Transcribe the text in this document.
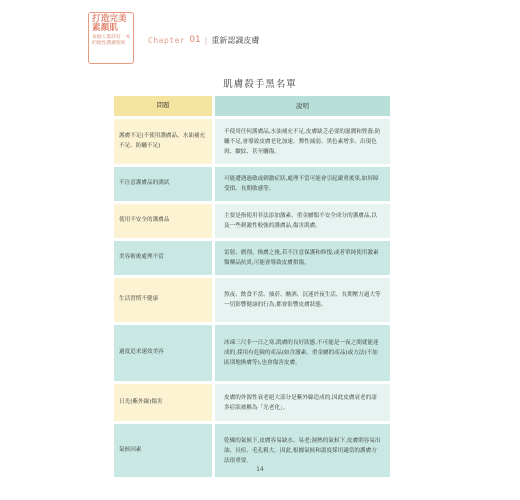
打造完美素顏肌
每個人都該有一本的理性護膚聖經	Chapter 01 | 重新認識皮膚
肌膚殺手黑名單
問題	說明
護膚不足(不使用護膚品、水油補充不足、防曬不足)
不使用任何護膚品,水油補充不足,皮膚缺乏必要的滋潤和營養;防曬不足,會導致皮膚老化加速、彈性減弱、黑色素增多、出現色斑、皺紋、甚至曬傷。
不注意護膚品的測試
可能遭遇過敏或刺激症狀,處理不當可能會引起嚴重後果,如屏障受損、長期敏感等。
使用不安全的護膚品
主要是指使用非法添加激素、重金屬類不安全成分的護膚品,以及一些刺激性較強的護膚品,傷害肌膚。
美容術後處理不當
雷射、磨削、換膚之後,若不注意保護和修復,或者單純使用激素類藥品抗炎,可能會導致皮膚損傷。
生活習慣不健康
熬夜、飲食不當、抽菸、酗酒、沉迷於夜生活、長期壓力過大等一切影響健康的行為,都會影響皮膚狀態。
過度追求速效美容
冰凍三尺非一日之寒,肌膚的良好狀態,不可能是一夜之間就能達成的,採用有危險的產品(如含激素、重金屬的產品)或方法(不加區別地換膚等),也會傷害皮膚。
日光(紫外線)傷害
皮膚的外源性衰老絕大部分是紫外線造成的,因此皮膚衰老的諸多症狀被稱為「光老化」。
氣候因素
乾燥的氣候下,皮膚容易缺水、易老;濕熱的氣候下,皮膚則容易出油、長痘、毛孔粗大。因此,根據氣候和溫度採用適當的護膚方法很重要。
14
